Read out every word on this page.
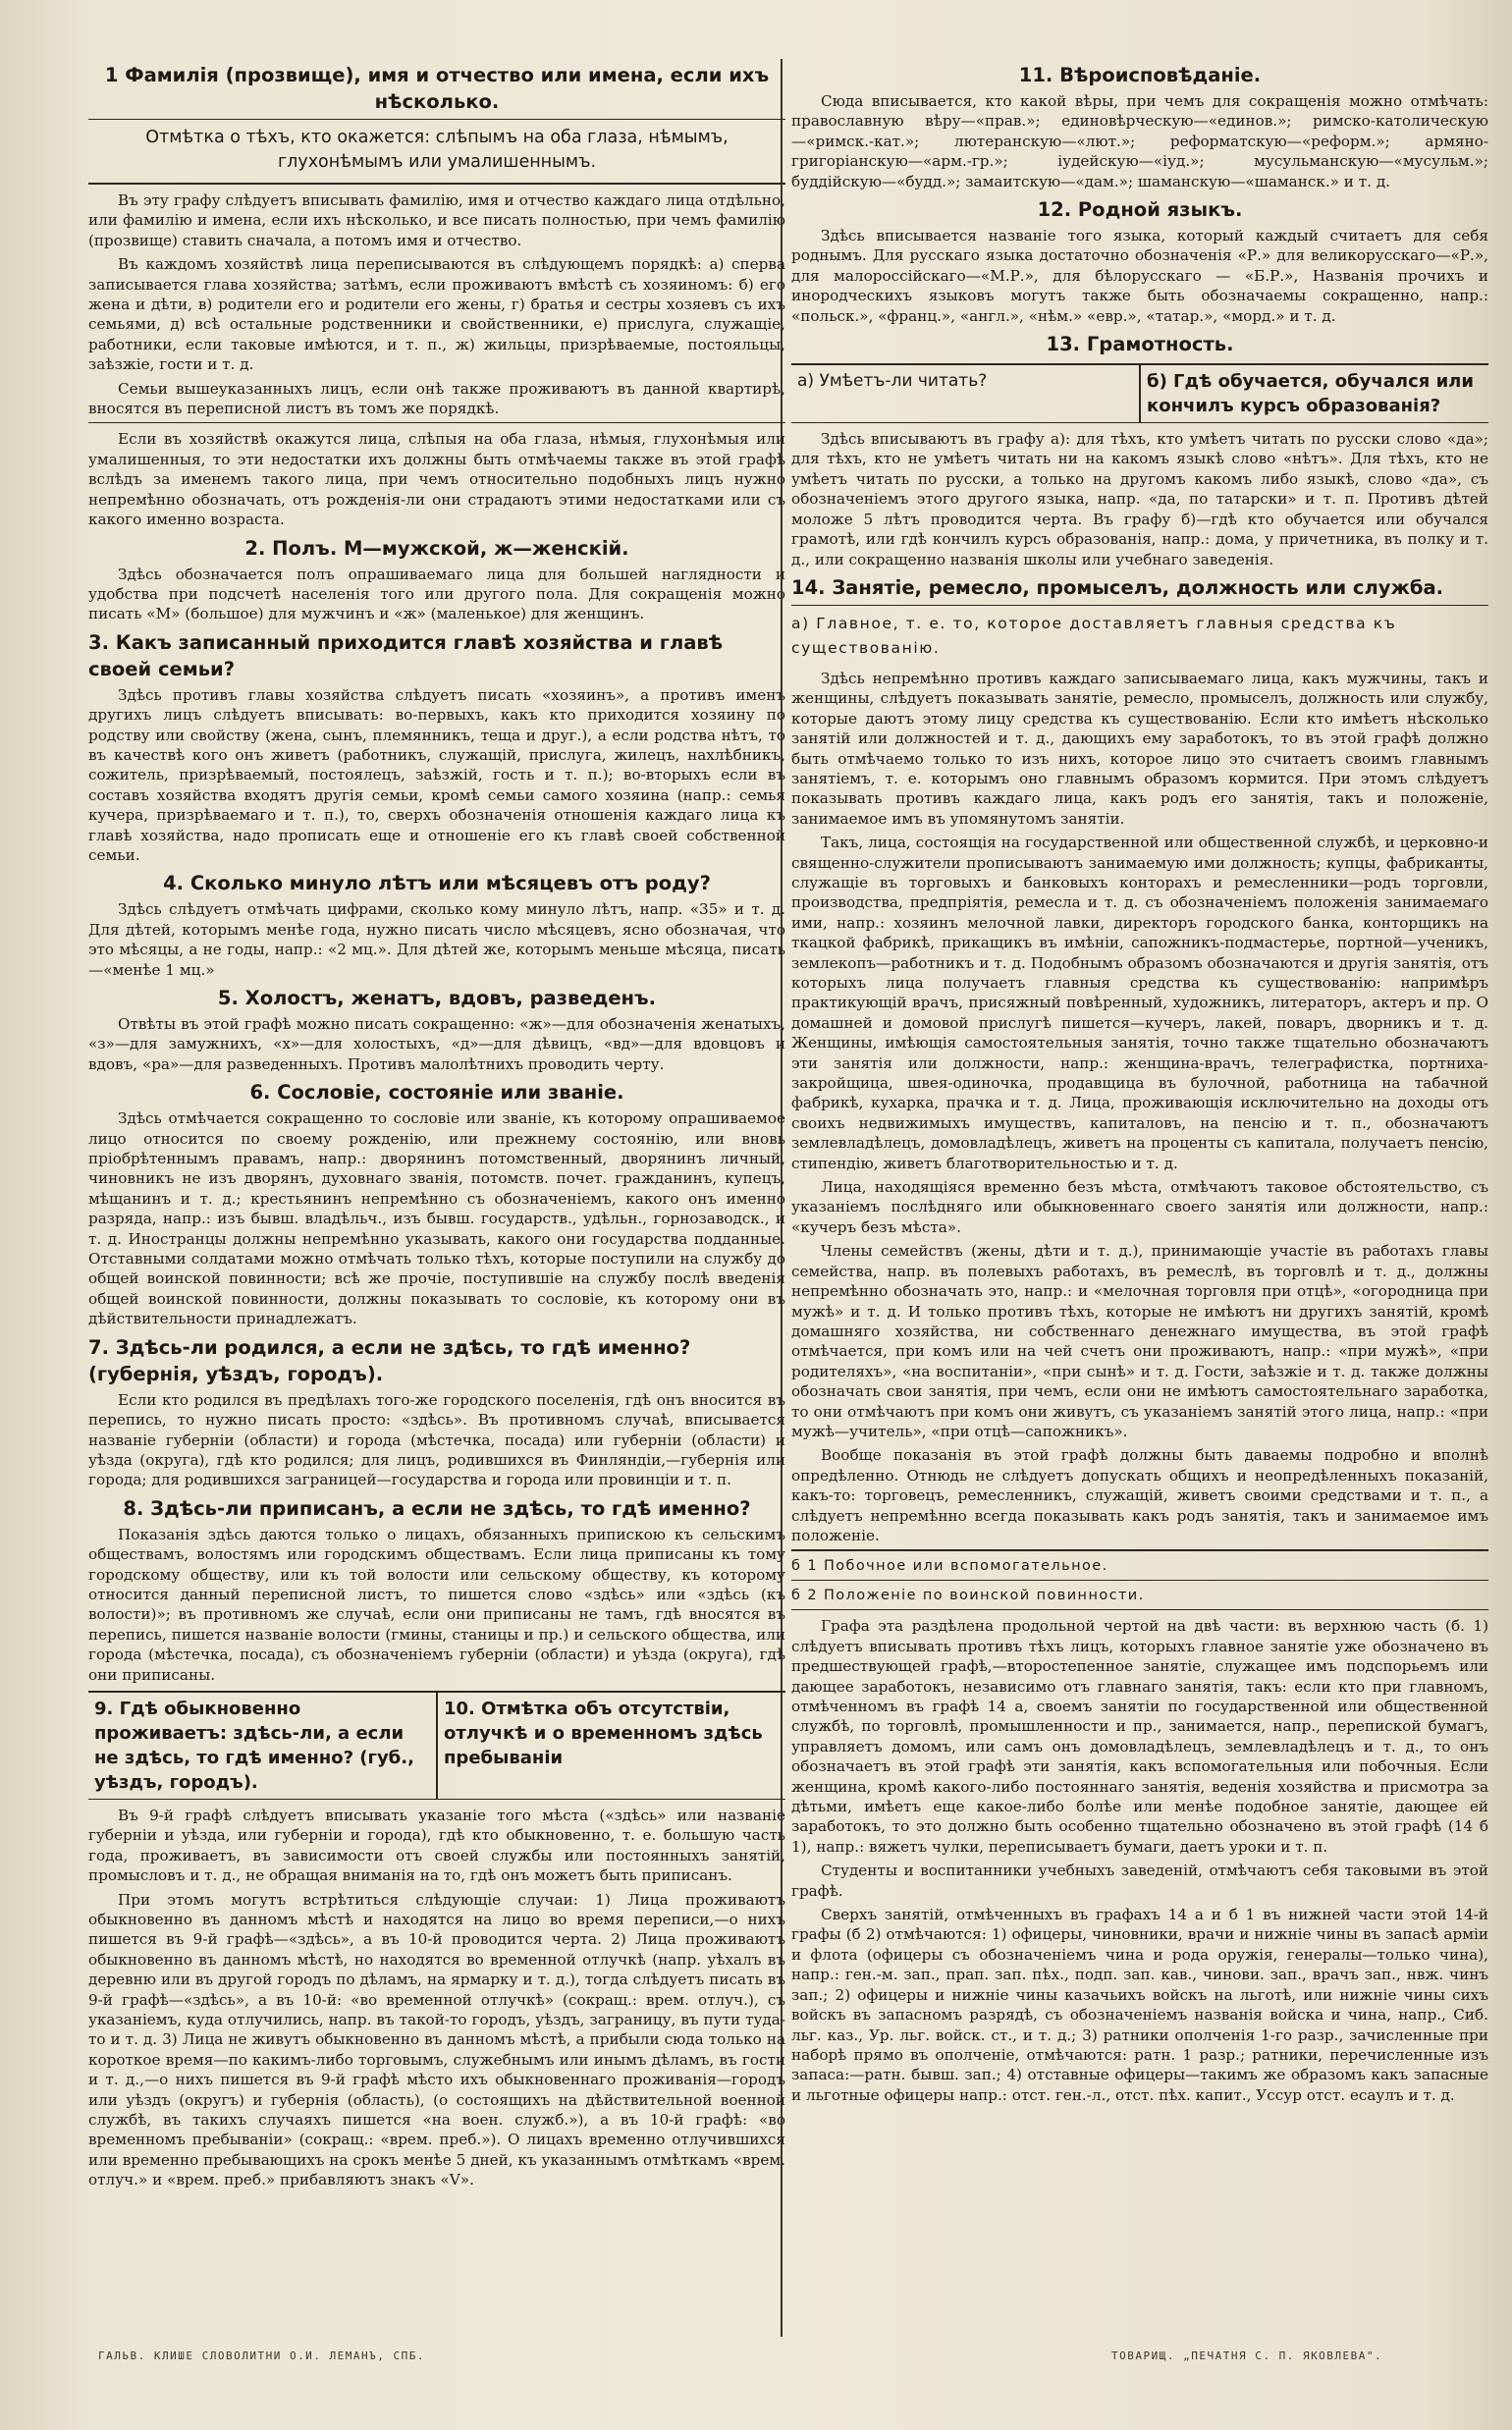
1 Фамилія (прозвище), имя и отчество или имена, если ихъ нѣсколько.
Отмѣтка о тѣхъ, кто окажется: слѣпымъ на оба глаза, нѣмымъ, глухонѣмымъ или умалишеннымъ.

Въ эту графу слѣдуетъ вписывать фамилію, имя и отчество каждаго лица отдѣльно, или фамилію и имена, если ихъ нѣсколько, и все писать полностью, при чемъ фамилію (прозвище) ставить сначала, а потомъ имя и отчество.

Въ каждомъ хозяйствѣ лица переписываются въ слѣдующемъ порядкѣ: а) сперва записывается глава хозяйства; затѣмъ, если проживаютъ вмѣстѣ съ хозяиномъ: б) его жена и дѣти, в) родители его и родители его жены, г) братья и сестры хозяевъ съ ихъ семьями, д) всѣ остальные родственники и свойственники, е) прислуга, служащіе, работники, если таковые имѣются, и т. п., ж) жильцы, призрѣваемые, постояльцы, заѣзжіе, гости и т. д.

Семьи вышеуказанныхъ лицъ, если онѣ также проживаютъ въ данной квартирѣ, вносятся въ переписной листъ въ томъ же порядкѣ.

Если въ хозяйствѣ окажутся лица, слѣпыя на оба глаза, нѣмыя, глухонѣмыя или умалишенныя, то эти недостатки ихъ должны быть отмѣчаемы также въ этой графѣ вслѣдъ за именемъ такого лица, при чемъ относительно подобныхъ лицъ нужно непремѣнно обозначать, отъ рожденія-ли они страдаютъ этими недостатками или съ какого именно возраста.

2. Полъ. М—мужской, ж—женскій.

Здѣсь обозначается полъ опрашиваемаго лица для большей наглядности и удобства при подсчетѣ населенія того или другого пола. Для сокращенія можно писать «М» (большое) для мужчинъ и «ж» (маленькое) для женщинъ.

3. Какъ записанный приходится главѣ хозяйства и главѣ своей семьи?

Здѣсь противъ главы хозяйства слѣдуетъ писать «хозяинъ», а противъ именъ другихъ лицъ слѣдуетъ вписывать: во-первыхъ, какъ кто приходится хозяину по родству или свойству (жена, сынъ, племянникъ, теща и друг.), а если родства нѣтъ, то въ качествѣ кого онъ живетъ (работникъ, служащій, прислуга, жилецъ, нахлѣбникъ, сожитель, призрѣваемый, постоялецъ, заѣзжій, гость и т. п.); во-вторыхъ если въ составъ хозяйства входятъ другія семьи, кромѣ семьи самого хозяина (напр.: семья кучера, призрѣваемаго и т. п.), то, сверхъ обозначенія отношенія каждаго лица къ главѣ хозяйства, надо прописать еще и отношеніе его къ главѣ своей собственной семьи.

4. Сколько минуло лѣтъ или мѣсяцевъ отъ роду?

Здѣсь слѣдуетъ отмѣчать цифрами, сколько кому минуло лѣтъ, напр. «35» и т. д. Для дѣтей, которымъ менѣе года, нужно писать число мѣсяцевъ, ясно обозначая, что это мѣсяцы, а не годы, напр.: «2 мц.». Для дѣтей же, которымъ меньше мѣсяца, писать—«менѣе 1 мц.»

5. Холостъ, женатъ, вдовъ, разведенъ.

Отвѣты въ этой графѣ можно писать сокращенно: «ж»—для обозначенія женатыхъ, «з»—для замужнихъ, «х»—для холостыхъ, «д»—для дѣвицъ, «вд»—для вдовцовъ и вдовъ, «ра»—для разведенныхъ. Противъ малолѣтнихъ проводить черту.

6. Сословіе, состояніе или званіе.

Здѣсь отмѣчается сокращенно то сословіе или званіе, къ которому опрашиваемое лицо относится по своему рожденію, или прежнему состоянію, или вновь пріобрѣтеннымъ правамъ, напр.: дворянинъ потомственный, дворянинъ личный, чиновникъ не изъ дворянъ, духовнаго званія, потомств. почет. гражданинъ, купецъ, мѣщанинъ и т. д.; крестьянинъ непремѣнно съ обозначеніемъ, какого онъ именно разряда, напр.: изъ бывш. владѣльч., изъ бывш. государств., удѣльн., горнозаводск., и т. д. Иностранцы должны непремѣнно указывать, какого они государства подданные. Отставными солдатами можно отмѣчать только тѣхъ, которые поступили на службу до общей воинской повинности; всѣ же прочіе, поступившіе на службу послѣ введенія общей воинской повинности, должны показывать то сословіе, къ которому они въ дѣйствительности принадлежатъ.

7. Здѣсь-ли родился, а если не здѣсь, то гдѣ именно? (губернія, уѣздъ, городъ).

Если кто родился въ предѣлахъ того-же городского поселенія, гдѣ онъ вносится въ перепись, то нужно писать просто: «здѣсь». Въ противномъ случаѣ, вписывается названіе губерніи (области) и города (мѣстечка, посада) или губерніи (области) и уѣзда (округа), гдѣ кто родился; для лицъ, родившихся въ Финляндіи,—губернія или города; для родившихся заграницей—государства и города или провинціи и т. п.

8. Здѣсь-ли приписанъ, а если не здѣсь, то гдѣ именно?

Показанія здѣсь даются только о лицахъ, обязанныхъ припискою къ сельскимъ обществамъ, волостямъ или городскимъ обществамъ. Если лица приписаны къ тому городскому обществу, или къ той волости или сельскому обществу, къ которому относится данный переписной листъ, то пишется слово «здѣсь» или «здѣсь (къ волости)»; въ противномъ же случаѣ, если они приписаны не тамъ, гдѣ вносятся въ перепись, пишется названіе волости (гмины, станицы и пр.) и сельского общества, или города (мѣстечка, посада), съ обозначеніемъ губерніи (области) и уѣзда (округа), гдѣ они приписаны.

9. Гдѣ обыкновенно проживаетъ: здѣсь-ли, а если не здѣсь, то гдѣ именно? (губ., уѣздъ, городъ).
10. Отмѣтка объ отсутствіи, отлучкѣ и о временномъ здѣсь пребываніи

Въ 9-й графѣ слѣдуетъ вписывать указаніе того мѣста («здѣсь» или названіе губерніи и уѣзда, или губерніи и города), гдѣ кто обыкновенно, т. е. большую часть года, проживаетъ, въ зависимости отъ своей службы или постоянныхъ занятій, промысловъ и т. д., не обращая вниманія на то, гдѣ онъ можетъ быть приписанъ.

При этомъ могутъ встрѣтиться слѣдующіе случаи: 1) Лица проживаютъ обыкновенно въ данномъ мѣстѣ и находятся на лицо во время переписи,—о нихъ пишется въ 9-й графѣ—«здѣсь», а въ 10-й проводится черта. 2) Лица проживаютъ обыкновенно въ данномъ мѣстѣ, но находятся во временной отлучкѣ (напр. уѣхалъ въ деревню или въ другой городъ по дѣламъ, на ярмарку и т. д.), тогда слѣдуетъ писать въ 9-й графѣ—«здѣсь», а въ 10-й: «во временной отлучкѣ» (сокращ.: врем. отлуч.), съ указаніемъ, куда отлучились, напр. въ такой-то городъ, уѣздъ, заграницу, въ пути туда-то и т. д. 3) Лица не живутъ обыкновенно въ данномъ мѣстѣ, а прибыли сюда только на короткое время—по какимъ-либо торговымъ, служебнымъ или инымъ дѣламъ, въ гости и т. д.,—о нихъ пишется въ 9-й графѣ мѣсто ихъ обыкновеннаго проживанія—городъ или уѣздъ (округъ) и губернія (область), (о состоящихъ на дѣйствительной военной службѣ, въ такихъ случаяхъ пишется «на воен. служб.»), а въ 10-й графѣ: «во временномъ пребываніи» (сокращ.: «врем. преб.»). О лицахъ временно отлучившихся или временно пребывающихъ на срокъ менѣе 5 дней, къ указаннымъ отмѣткамъ «врем. отлуч.» и «врем. преб.» прибавляютъ знакъ «V».

11. Вѣроисповѣданіе.

Сюда вписывается, кто какой вѣры, при чемъ для сокращенія можно отмѣчать: православную вѣру—«прав.»; единовѣрческую—«единов.»; римско-католическую—«римск.-кат.»; лютеранскую—«лют.»; реформатскую—«реформ.»; армяно-григоріанскую—«арм.-гр.»; іудейскую—«іуд.»; мусульманскую—«мусульм.»; буддійскую—«будд.»; замаитскую—«дам.»; шаманскую—«шаманск.» и т. д.

12. Родной языкъ.

Здѣсь вписывается названіе того языка, который каждый считаетъ для себя роднымъ. Для русскаго языка достаточно обозначенія «Р.» для великорусскаго—«Р.», для малороссійскаго—«М.Р.», для бѣлорусскаго — «Б.Р.», Названія прочихъ и инородческихъ языковъ могутъ также быть обозначаемы сокращенно, напр.: «польск.», «франц.», «англ.», «нѣм.» «евр.», «татар.», «морд.» и т. д.

13. Грамотность.
а) Умѣетъ-ли читать?	б) Гдѣ обучается, обучался или кончилъ курсъ образованія?

Здѣсь вписываютъ въ графу а): для тѣхъ, кто умѣетъ читать по русски слово «да»; для тѣхъ, кто не умѣетъ читать ни на какомъ языкѣ слово «нѣтъ». Для тѣхъ, кто не умѣетъ читать по русски, а только на другомъ какомъ либо языкѣ, слово «да», съ обозначеніемъ этого другого языка, напр. «да, по татарски» и т. п. Противъ дѣтей моложе 5 лѣтъ проводится черта. Въ графу б)—гдѣ кто обучается или обучался грамотѣ, или гдѣ кончилъ курсъ образованія, напр.: дома, у причетника, въ полку и т. д., или сокращенно названія школы или учебнаго заведенія.

14. Занятіе, ремесло, промыселъ, должность или служба.
а) Главное, т. е. то, которое доставляетъ главныя средства къ существованію.

Здѣсь непремѣнно противъ каждаго записываемаго лица, какъ мужчины, такъ и женщины, слѣдуетъ показывать занятіе, ремесло, промыселъ, должность или службу, которые даютъ этому лицу средства къ существованію. Если кто имѣетъ нѣсколько занятій или должностей и т. д., дающихъ ему заработокъ, то въ этой графѣ должно быть отмѣчаемо только то изъ нихъ, которое лицо это считаетъ своимъ главнымъ занятіемъ, т. е. которымъ оно главнымъ образомъ кормится. При этомъ слѣдуетъ показывать противъ каждаго лица, какъ родъ его занятія, такъ и положеніе, занимаемое имъ въ упомянутомъ занятіи.

Такъ, лица, состоящія на государственной или общественной службѣ, и церковно-и священно-служители прописываютъ занимаемую ими должность; купцы, фабриканты, служащіе въ торговыхъ и банковыхъ конторахъ и ремесленники—родъ торговли, производства, предпріятія, ремесла и т. д. съ обозначеніемъ положенія занимаемаго ими, напр.: хозяинъ мелочной лавки, директоръ городского банка, конторщикъ на ткацкой фабрикѣ, прикащикъ въ имѣніи, сапожникъ-подмастерье, портной—ученикъ, землекопъ—работникъ и т. д. Подобнымъ образомъ обозначаются и другія занятія, отъ которыхъ лица получаетъ главныя средства къ существованію: напримѣръ практикующій врачъ, присяжный повѣренный, художникъ, литераторъ, актеръ и пр. О домашней и домовой прислугѣ пишется—кучеръ, лакей, поваръ, дворникъ и т. д. Женщины, имѣющія самостоятельныя занятія, точно также тщательно обозначаютъ эти занятія или должности, напр.: женщина-врачъ, телеграфистка, портниха-закройщица, швея-одиночка, продавщица въ булочной, работница на табачной фабрикѣ, кухарка, прачка и т. д. Лица, проживающія исключительно на доходы отъ своихъ недвижимыхъ имуществъ, капиталовъ, на пенсію и т. п., обозначаютъ землевладѣлецъ, домовладѣлецъ, живетъ на проценты съ капитала, получаетъ пенсію, стипендію, живетъ благотворительностью и т. д.

Лица, находящіяся временно безъ мѣста, отмѣчаютъ таковое обстоятельство, съ указаніемъ послѣдняго или обыкновеннаго своего занятія или должности, напр.: «кучеръ безъ мѣста».

Члены семействъ (жены, дѣти и т. д.), принимающіе участіе въ работахъ главы семейства, напр. въ полевыхъ работахъ, въ ремеслѣ, въ торговлѣ и т. д., должны непремѣнно обозначать это, напр.: и «мелочная торговля при отцѣ», «огородница при мужѣ» и т. д. И только противъ тѣхъ, которые не имѣютъ ни другихъ занятій, кромѣ домашняго хозяйства, ни собственнаго денежнаго имущества, въ этой графѣ отмѣчается, при комъ или на чей счетъ они проживаютъ, напр.: «при мужѣ», «при родителяхъ», «на воспитаніи», «при сынѣ» и т. д. Гости, заѣзжіе и т. д. также должны обозначать свои занятія, при чемъ, если они не имѣютъ самостоятельнаго заработка, то они отмѣчаютъ при комъ они живутъ, съ указаніемъ занятій этого лица, напр.: «при мужѣ—учитель», «при отцѣ—сапожникъ».

Вообще показанія въ этой графѣ должны быть даваемы подробно и вполнѣ опредѣленно. Отнюдь не слѣдуетъ допускать общихъ и неопредѣленныхъ показаній, какъ-то: торговецъ, ремесленникъ, служащій, живетъ своими средствами и т. п., а слѣдуетъ непремѣнно всегда показывать какъ родъ занятія, такъ и занимаемое имъ положеніе.

б 1 Побочное или вспомогательное.
б 2 Положеніе по воинской повинности.

Графа эта раздѣлена продольной чертой на двѣ части: въ верхнюю часть (б. 1) слѣдуетъ вписывать противъ тѣхъ лицъ, которыхъ главное занятіе уже обозначено въ предшествующей графѣ,—второстепенное занятіе, служащее имъ подспорьемъ или дающее заработокъ, независимо отъ главнаго занятія, такъ: если кто при главномъ, отмѣченномъ въ графѣ 14 а, своемъ занятіи по государственной или общественной службѣ, по торговлѣ, промышленности и пр., занимается, напр., перепиской бумагъ, управляетъ домомъ, или самъ онъ домовладѣлецъ, землевладѣлецъ и т. д., то онъ обозначаетъ въ этой графѣ эти занятія, какъ вспомогательныя или побочныя. Если женщина, кромѣ какого-либо постояннаго занятія, веденія хозяйства и присмотра за дѣтьми, имѣетъ еще какое-либо болѣе или менѣе подобное занятіе, дающее ей заработокъ, то это должно быть особенно тщательно обозначено въ этой графѣ (14 б 1), напр.: вяжетъ чулки, переписываетъ бумаги, даетъ уроки и т. п.

Студенты и воспитанники учебныхъ заведеній, отмѣчаютъ себя таковыми въ этой графѣ.

Сверхъ занятій, отмѣченныхъ въ графахъ 14 а и б 1 въ нижней части этой 14-й графы (б 2) отмѣчаются: 1) офицеры, чиновники, врачи и нижніе чины въ запасѣ арміи и флота (офицеры съ обозначеніемъ чина и рода оружія, генералы—только чина), напр.: ген.-м. зап., прап. зап. пѣх., подп. зап. кав., чинови. зап., врачъ зап., нвж. чинъ зап.; 2) офицеры и нижніе чины казачьихъ войскъ на льготѣ, или нижніе чины сихъ войскъ въ запасномъ разрядѣ, съ обозначеніемъ названія войска и чина, напр., Сиб. льг. каз., Ур. льг. войск. ст., и т. д.; 3) ратники ополченія 1-го разр., зачисленные при наборѣ прямо въ ополченіе, отмѣчаются: ратн. 1 разр.; ратники, перечисленные изъ запаса:—ратн. бывш. зап.; 4) отставные офицеры—такимъ же образомъ какъ запасные и льготные офицеры напр.: отст. ген.-л., отст. пѣх. капит., Уссур отст. есаулъ и т. д.

ГАЛЬВ. КЛИШЕ СЛОВОЛИТНИ О.И. ЛЕМАНЪ, СПБ.	ТОВАРИЩ. „ПЕЧАТНЯ С. П. ЯКОВЛЕВА".
